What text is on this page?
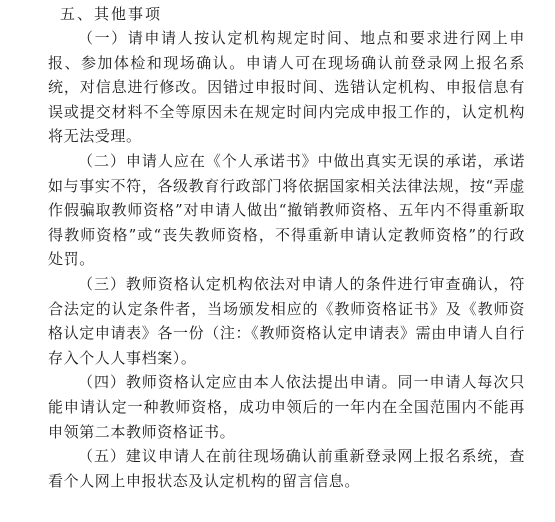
五、其他事项

（一）请申请人按认定机构规定时间、地点和要求进行网上申报、参加体检和现场确认。申请人可在现场确认前登录网上报名系统，对信息进行修改。因错过申报时间、选错认定机构、申报信息有误或提交材料不全等原因未在规定时间内完成申报工作的，认定机构将无法受理。

（二）申请人应在《个人承诺书》中做出真实无误的承诺，承诺如与事实不符，各级教育行政部门将依据国家相关法律法规，按“弄虚作假骗取教师资格”对申请人做出“撤销教师资格、五年内不得重新取得教师资格”或“丧失教师资格，不得重新申请认定教师资格”的行政处罚。

（三）教师资格认定机构依法对申请人的条件进行审查确认，符合法定的认定条件者，当场颁发相应的《教师资格证书》及《教师资格认定申请表》各一份（注：《教师资格认定申请表》需由申请人自行存入个人人事档案）。

（四）教师资格认定应由本人依法提出申请。同一申请人每次只能申请认定一种教师资格，成功申领后的一年内在全国范围内不能再申领第二本教师资格证书。

（五）建议申请人在前往现场确认前重新登录网上报名系统，查看个人网上申报状态及认定机构的留言信息。
